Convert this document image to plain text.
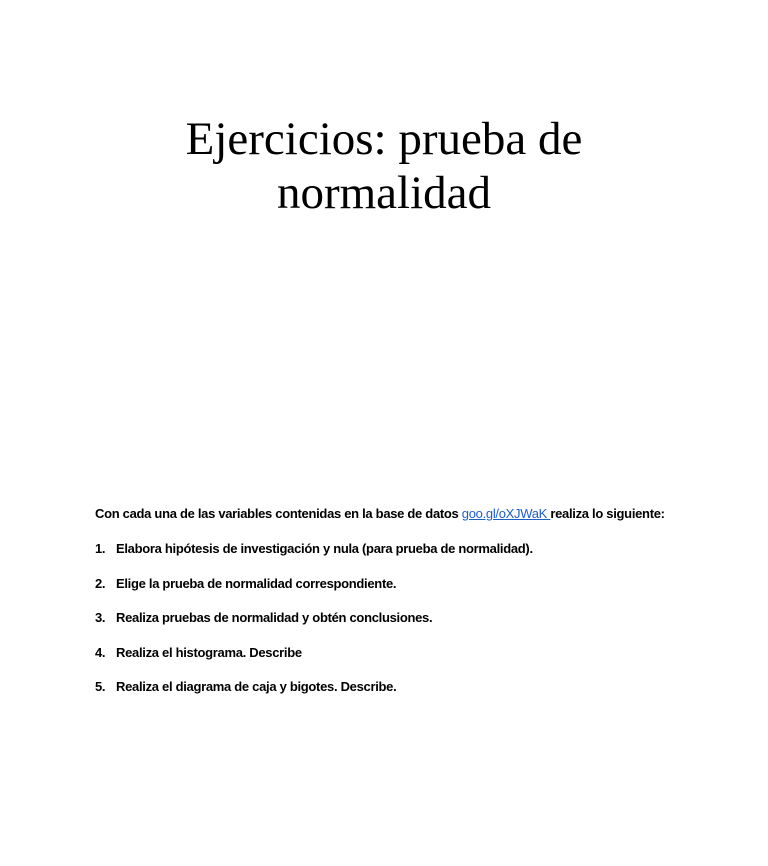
Ejercicios: prueba de
normalidad

Con cada una de las variables contenidas en la base de datos goo.gl/oXJWaK realiza lo siguiente:

1. Elabora hipótesis de investigación y nula (para prueba de normalidad).
2. Elige la prueba de normalidad correspondiente.
3. Realiza pruebas de normalidad y obtén conclusiones.
4. Realiza el histograma. Describe
5. Realiza el diagrama de caja y bigotes. Describe.
